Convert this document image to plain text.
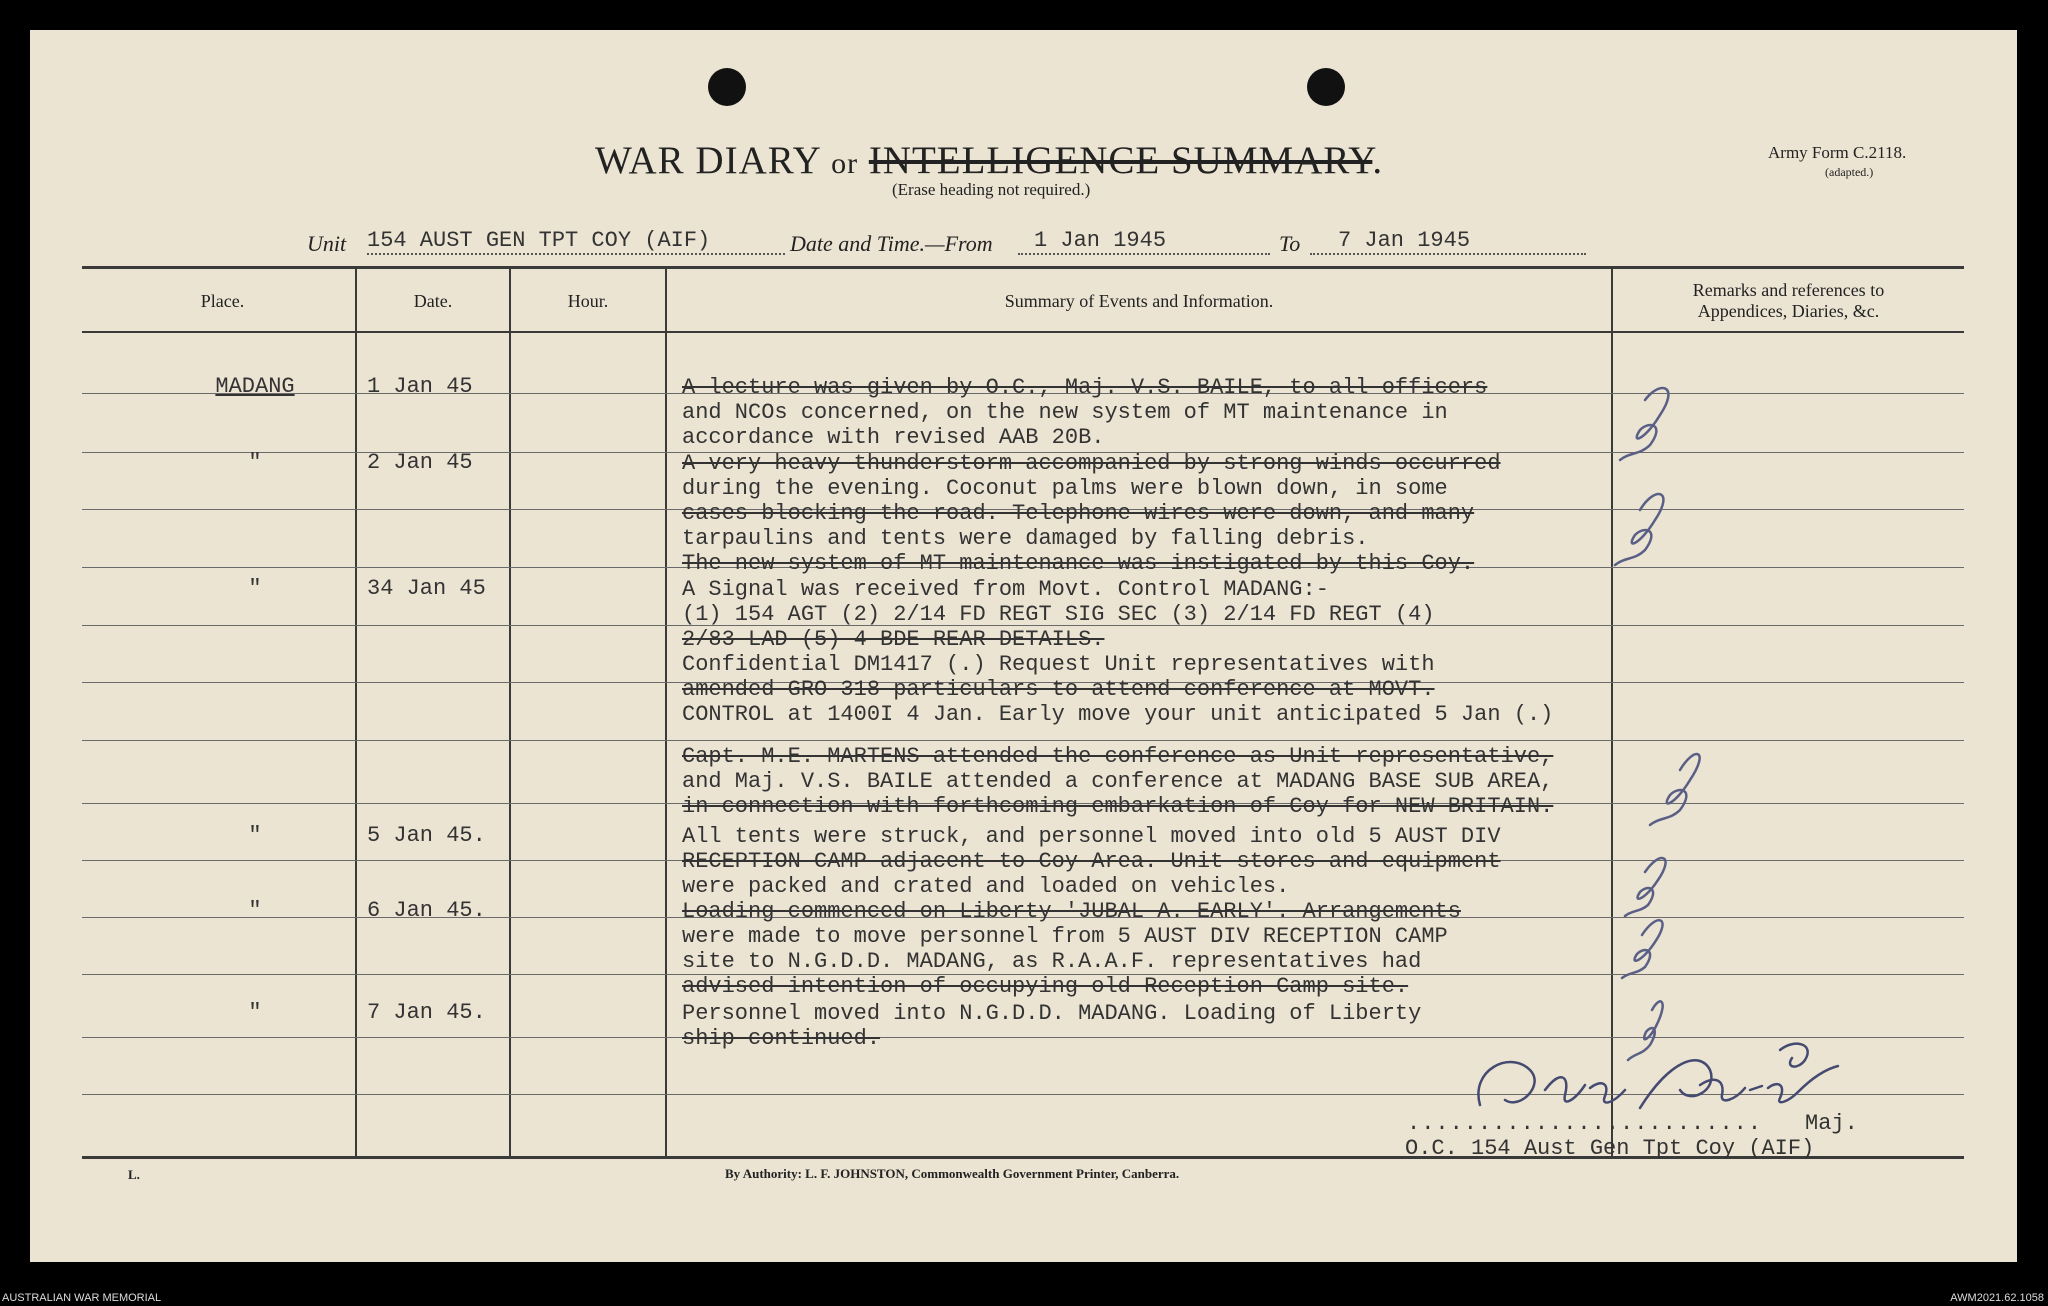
WAR DIARY or INTELLIGENCE SUMMARY.
(Erase heading not required.)
Army Form C.2118.
(adapted.)
Unit 154 AUST GEN TPT COY (AIF)	Date and Time.—From	1 Jan 1945	To	7 Jan 1945
Place.	Date.	Hour.	Summary of Events and Information.
Remarks and references to
Appendices, Diaries, &c.
MADANG	1 Jan 45	A lecture was given by O.C., Maj. V.S. BAILE, to all officers
and NCOs concerned, on the new system of MT maintenance in
accordance with revised AAB 20B.
"	2 Jan 45	A very heavy thunderstorm accompanied by strong winds occurred
during the evening. Coconut palms were blown down, in some
cases blocking the road. Telephone wires were down, and many
tarpaulins and tents were damaged by falling debris.
The new system of MT maintenance was instigated by this Coy.
"	34 Jan 45	A Signal was received from Movt. Control MADANG:-
(1) 154 AGT (2) 2/14 FD REGT SIG SEC (3) 2/14 FD REGT (4)
2/83 LAD (5) 4 BDE REAR DETAILS.
Confidential DM1417 (.) Request Unit representatives with
amended GRO 318 particulars to attend conference at MOVT.
CONTROL at 1400I 4 Jan. Early move your unit anticipated 5 Jan (.)
Capt. M.E. MARTENS attended the conference as Unit representative,
and Maj. V.S. BAILE attended a conference at MADANG BASE SUB AREA,
in connection with forthcoming embarkation of Coy for NEW BRITAIN.
"	5 Jan 45.	All tents were struck, and personnel moved into old 5 AUST DIV
RECEPTION CAMP adjacent to Coy Area. Unit stores and equipment
were packed and crated and loaded on vehicles.
"	6 Jan 45.	Loading commenced on Liberty 'JUBAL A. EARLY'. Arrangements
were made to move personnel from 5 AUST DIV RECEPTION CAMP
site to N.G.D.D. MADANG, as R.A.A.F. representatives had
advised intention of occupying old Reception Camp site.
"	7 Jan 45.	Personnel moved into N.G.D.D. MADANG. Loading of Liberty
ship continued.
......................... Maj.
O.C. 154 Aust Gen Tpt Coy (AIF)
L.	By Authority: L. F. JOHNSTON, Commonwealth Government Printer, Canberra.
AUSTRALIAN WAR MEMORIAL	AWM2021.62.1058
